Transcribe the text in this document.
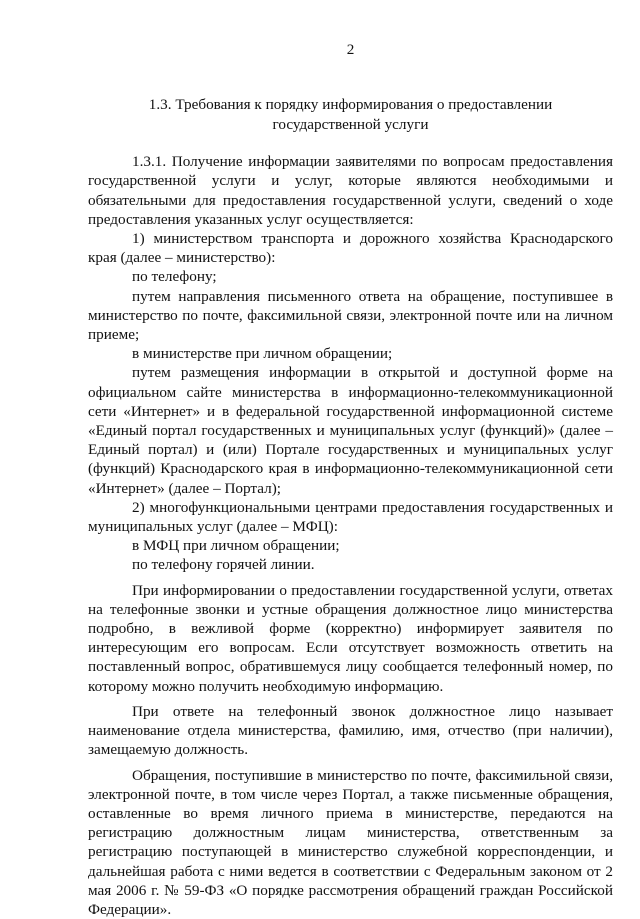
2
1.3. Требования к порядку информирования о предоставлении
государственной услуги

1.3.1. Получение информации заявителями по вопросам предоставления государственной услуги и услуг, которые являются необходимыми и обязательными для предоставления государственной услуги, сведений о ходе предоставления указанных услуг осуществляется:

1) министерством транспорта и дорожного хозяйства Краснодарского края (далее – министерство):

по телефону;

путем направления письменного ответа на обращение, поступившее в министерство по почте, факсимильной связи, электронной почте или на личном приеме;

в министерстве при личном обращении;

путем размещения информации в открытой и доступной форме на официальном сайте министерства в информационно-телекоммуникационной сети «Интернет» и в федеральной государственной информационной системе «Единый портал государственных и муниципальных услуг (функций)» (далее – Единый портал) и (или) Портале государственных и муниципальных услуг (функций) Краснодарского края в информационно-телекоммуникационной сети «Интернет» (далее – Портал);

2) многофункциональными центрами предоставления государственных и муниципальных услуг (далее – МФЦ):

в МФЦ при личном обращении;

по телефону горячей линии.

При информировании о предоставлении государственной услуги, ответах на телефонные звонки и устные обращения должностное лицо министерства подробно, в вежливой форме (корректно) информирует заявителя по интересующим его вопросам. Если отсутствует возможность ответить на поставленный вопрос, обратившемуся лицу сообщается телефонный номер, по которому можно получить необходимую информацию.

При ответе на телефонный звонок должностное лицо называет наименование отдела министерства, фамилию, имя, отчество (при наличии), замещаемую должность.

Обращения, поступившие в министерство по почте, факсимильной связи, электронной почте, в том числе через Портал, а также письменные обращения, оставленные во время личного приема в министерстве, передаются на регистрацию должностным лицам министерства, ответственным за регистрацию поступающей в министерство служебной корреспонденции, и дальнейшая работа с ними ведется в соответствии с Федеральным законом от 2 мая 2006 г. № 59-ФЗ «О порядке рассмотрения обращений граждан Российской Федерации».
